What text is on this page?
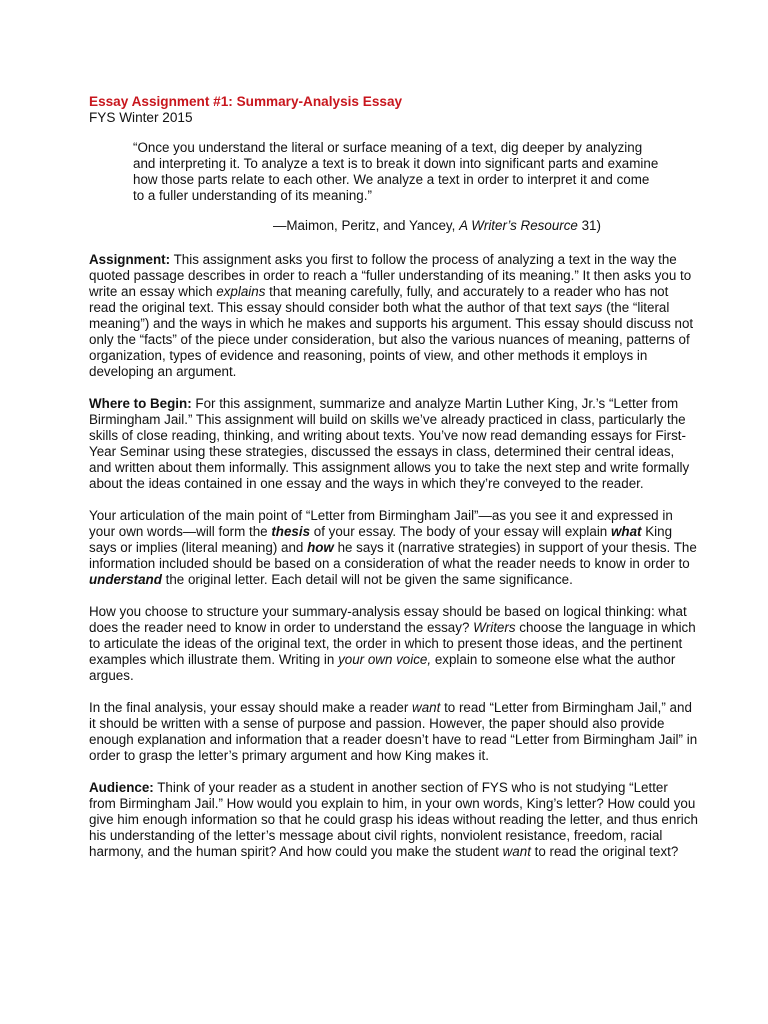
Essay Assignment #1: Summary-Analysis Essay

FYS Winter 2015

“Once you understand the literal or surface meaning of a text, dig deeper by analyzing and interpreting it. To analyze a text is to break it down into significant parts and examine how those parts relate to each other. We analyze a text in order to interpret it and come to a fuller understanding of its meaning.”

—Maimon, Peritz, and Yancey, A Writer’s Resource 31)

Assignment: This assignment asks you first to follow the process of analyzing a text in the way the quoted passage describes in order to reach a “fuller understanding of its meaning.” It then asks you to write an essay which explains that meaning carefully, fully, and accurately to a reader who has not read the original text. This essay should consider both what the author of that text says (the “literal meaning”) and the ways in which he makes and supports his argument. This essay should discuss not only the “facts” of the piece under consideration, but also the various nuances of meaning, patterns of organization, types of evidence and reasoning, points of view, and other methods it employs in developing an argument.

Where to Begin: For this assignment, summarize and analyze Martin Luther King, Jr.’s “Letter from Birmingham Jail.” This assignment will build on skills we’ve already practiced in class, particularly the skills of close reading, thinking, and writing about texts. You’ve now read demanding essays for First-Year Seminar using these strategies, discussed the essays in class, determined their central ideas, and written about them informally. This assignment allows you to take the next step and write formally about the ideas contained in one essay and the ways in which they’re conveyed to the reader.

Your articulation of the main point of “Letter from Birmingham Jail”—as you see it and expressed in your own words—will form the thesis of your essay. The body of your essay will explain what King says or implies (literal meaning) and how he says it (narrative strategies) in support of your thesis. The information included should be based on a consideration of what the reader needs to know in order to understand the original letter. Each detail will not be given the same significance.

How you choose to structure your summary-analysis essay should be based on logical thinking: what does the reader need to know in order to understand the essay? Writers choose the language in which to articulate the ideas of the original text, the order in which to present those ideas, and the pertinent examples which illustrate them. Writing in your own voice, explain to someone else what the author argues.

In the final analysis, your essay should make a reader want to read “Letter from Birmingham Jail,” and it should be written with a sense of purpose and passion. However, the paper should also provide enough explanation and information that a reader doesn’t have to read “Letter from Birmingham Jail” in order to grasp the letter’s primary argument and how King makes it.

Audience: Think of your reader as a student in another section of FYS who is not studying “Letter from Birmingham Jail.” How would you explain to him, in your own words, King’s letter? How could you give him enough information so that he could grasp his ideas without reading the letter, and thus enrich his understanding of the letter’s message about civil rights, nonviolent resistance, freedom, racial harmony, and the human spirit? And how could you make the student want to read the original text?
